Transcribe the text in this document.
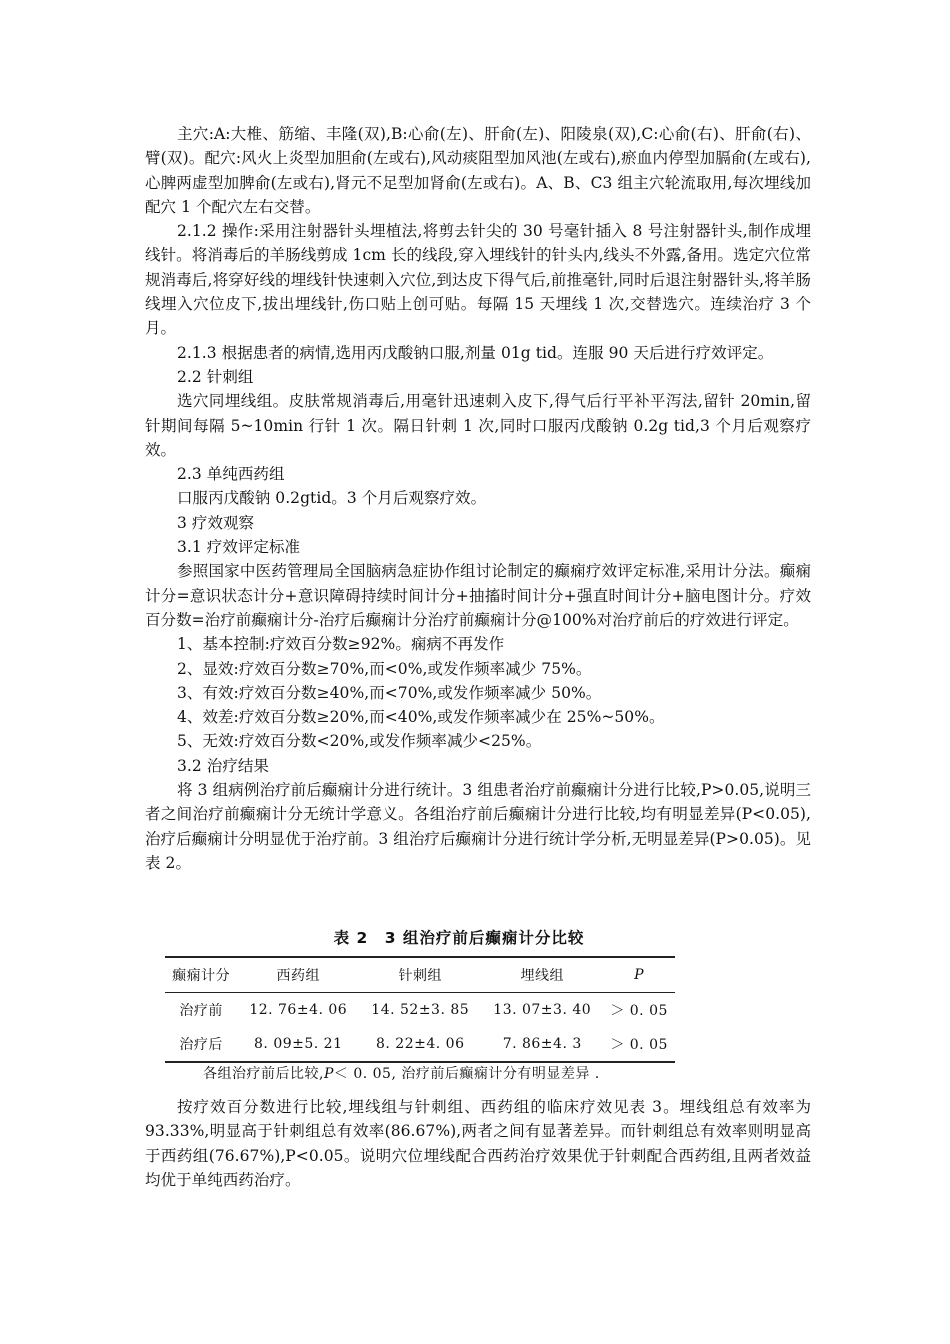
主穴:A:大椎、筋缩、丰隆(双),B:心俞(左)、肝俞(左)、阳陵泉(双),C:心俞(右)、肝俞(右)、臂(双)。配穴:风火上炎型加胆俞(左或右),风动痰阻型加风池(左或右),瘀血内停型加膈俞(左或右),心脾两虚型加脾俞(左或右),肾元不足型加肾俞(左或右)。A、B、C3 组主穴轮流取用,每次埋线加配穴 1 个配穴左右交替。

2.1.2 操作:采用注射器针头埋植法,将剪去针尖的 30 号毫针插入 8 号注射器针头,制作成埋线针。将消毒后的羊肠线剪成 1cm 长的线段,穿入埋线针的针头内,线头不外露,备用。选定穴位常规消毒后,将穿好线的埋线针快速刺入穴位,到达皮下得气后,前推毫针,同时后退注射器针头,将羊肠线埋入穴位皮下,拔出埋线针,伤口贴上创可贴。每隔 15 天埋线 1 次,交替选穴。连续治疗 3 个月。

2.1.3 根据患者的病情,选用丙戊酸钠口服,剂量 01g tid。连服 90 天后进行疗效评定。

2.2 针刺组

选穴同埋线组。皮肤常规消毒后,用毫针迅速刺入皮下,得气后行平补平泻法,留针 20min,留针期间每隔 5~10min 行针 1 次。隔日针刺 1 次,同时口服丙戊酸钠 0.2g tid,3 个月后观察疗效。

2.3 单纯西药组

口服丙戊酸钠 0.2gtid。3 个月后观察疗效。

3 疗效观察

3.1 疗效评定标准

参照国家中医药管理局全国脑病急症协作组讨论制定的癫痫疗效评定标准,采用计分法。癫痫计分=意识状态计分+意识障碍持续时间计分+抽搐时间计分+强直时间计分+脑电图计分。疗效百分数=治疗前癫痫计分-治疗后癫痫计分治疗前癫痫计分@100%对治疗前后的疗效进行评定。

1、基本控制:疗效百分数≥92%。痫病不再发作

2、显效:疗效百分数≥70%,而<0%,或发作频率减少 75%。

3、有效:疗效百分数≥40%,而<70%,或发作频率减少 50%。

4、效差:疗效百分数≥20%,而<40%,或发作频率减少在 25%~50%。

5、无效:疗效百分数<20%,或发作频率减少<25%。

3.2 治疗结果

将 3 组病例治疗前后癫痫计分进行统计。3 组患者治疗前癫痫计分进行比较,P>0.05,说明三者之间治疗前癫痫计分无统计学意义。各组治疗前后癫痫计分进行比较,均有明显差异(P<0.05),治疗后癫痫计分明显优于治疗前。3 组治疗后癫痫计分进行统计学分析,无明显差异(P>0.05)。见表 2。

表 2　3 组治疗前后癫痫计分比较
癫痫计分	西药组	针刺组	埋线组	P
治疗前	12. 76±4. 06	14. 52±3. 85	13. 07±3. 40	＞ 0. 05
治疗后	8. 09±5. 21	8. 22±4. 06	7. 86±4. 3	＞ 0. 05
各组治疗前后比较,P＜ 0. 05, 治疗前后癫痫计分有明显差异 .

按疗效百分数进行比较,埋线组与针刺组、西药组的临床疗效见表 3。埋线组总有效率为 93.33%,明显高于针刺组总有效率(86.67%),两者之间有显著差异。而针刺组总有效率则明显高于西药组(76.67%),P<0.05。说明穴位埋线配合西药治疗效果优于针刺配合西药组,且两者效益均优于单纯西药治疗。
